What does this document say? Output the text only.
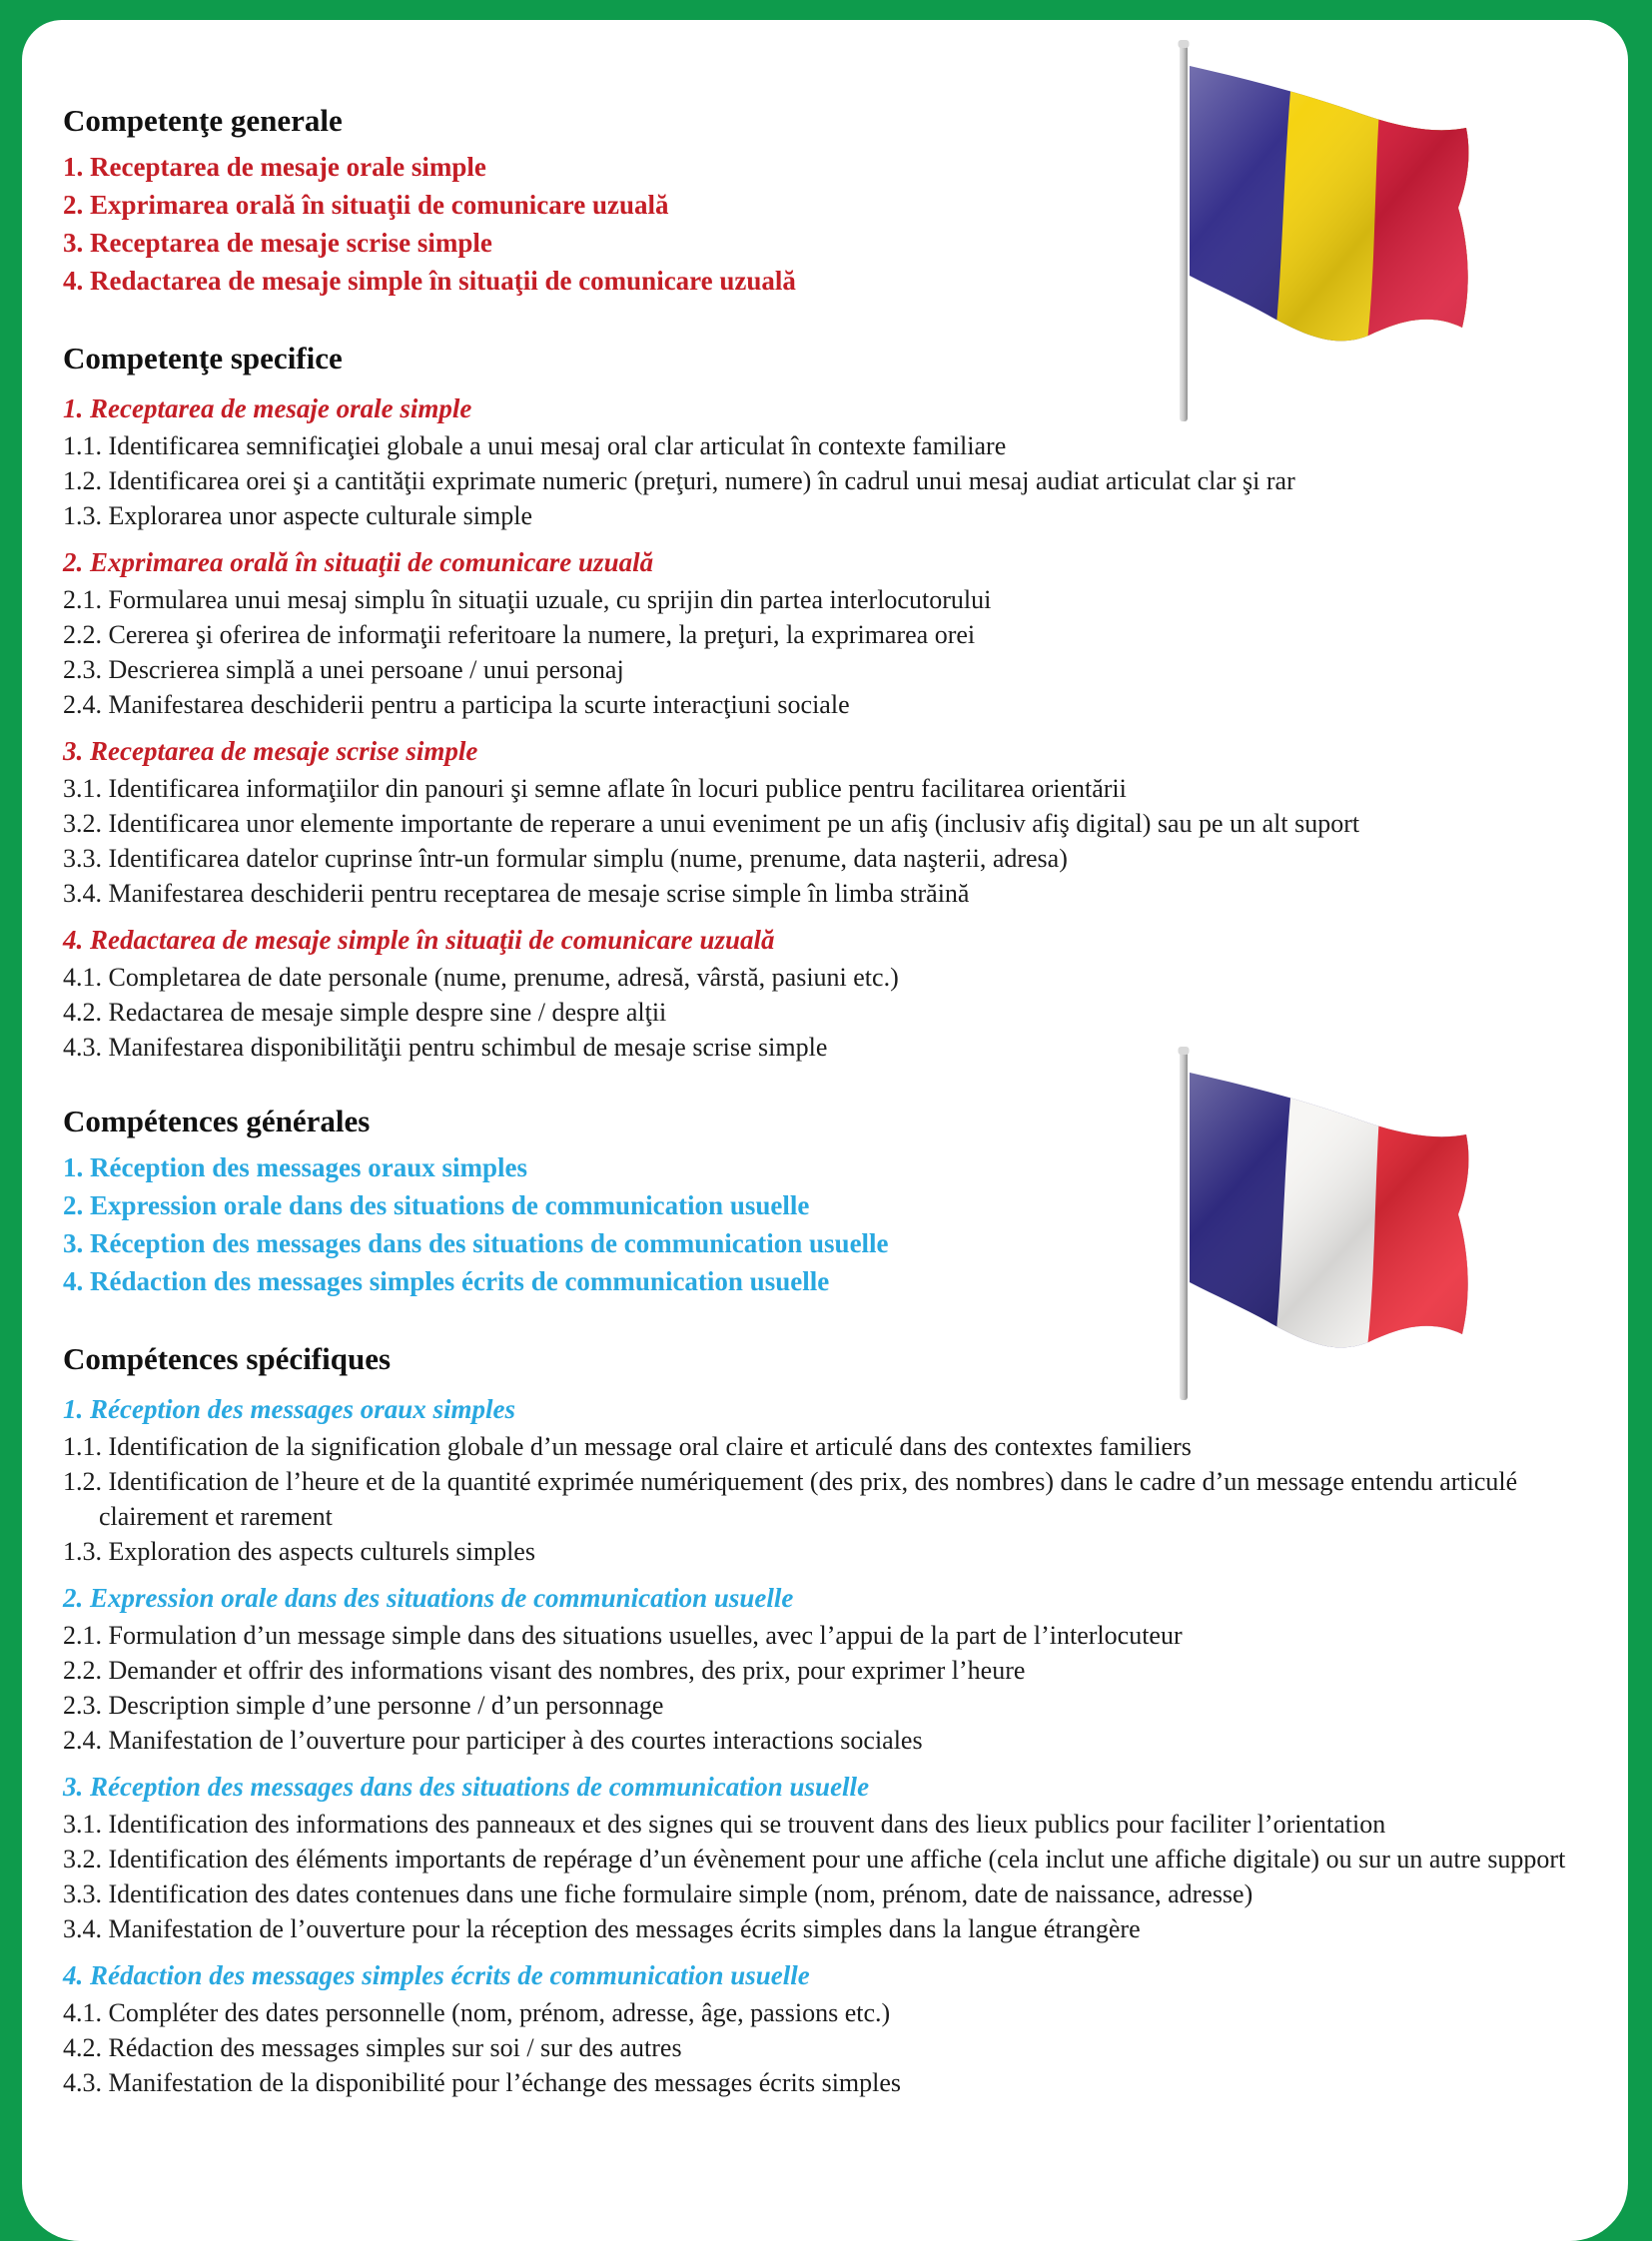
Competenţe generale

1. Receptarea de mesaje orale simple

2. Exprimarea orală în situaţii de comunicare uzuală

3. Receptarea de mesaje scrise simple

4. Redactarea de mesaje simple în situaţii de comunicare uzuală

Competenţe specifice

1. Receptarea de mesaje orale simple

1.1. Identificarea semnificaţiei globale a unui mesaj oral clar articulat în contexte familiare

1.2. Identificarea orei şi a cantităţii exprimate numeric (preţuri, numere) în cadrul unui mesaj audiat articulat clar şi rar

1.3. Explorarea unor aspecte culturale simple

2. Exprimarea orală în situaţii de comunicare uzuală

2.1. Formularea unui mesaj simplu în situaţii uzuale, cu sprijin din partea interlocutorului

2.2. Cererea şi oferirea de informaţii referitoare la numere, la preţuri, la exprimarea orei

2.3. Descrierea simplă a unei persoane / unui personaj

2.4. Manifestarea deschiderii pentru a participa la scurte interacţiuni sociale

3. Receptarea de mesaje scrise simple

3.1. Identificarea informaţiilor din panouri şi semne aflate în locuri publice pentru facilitarea orientării

3.2. Identificarea unor elemente importante de reperare a unui eveniment pe un afiş (inclusiv afiş digital) sau pe un alt suport

3.3. Identificarea datelor cuprinse într-un formular simplu (nume, prenume, data naşterii, adresa)

3.4. Manifestarea deschiderii pentru receptarea de mesaje scrise simple în limba străină

4. Redactarea de mesaje simple în situaţii de comunicare uzuală

4.1. Completarea de date personale (nume, prenume, adresă, vârstă, pasiuni etc.)

4.2. Redactarea de mesaje simple despre sine / despre alţii

4.3. Manifestarea disponibilităţii pentru schimbul de mesaje scrise simple

Compétences générales

1. Réception des messages oraux simples

2. Expression orale dans des situations de communication usuelle

3. Réception des messages dans des situations de communication usuelle

4. Rédaction des messages simples écrits de communication usuelle

Compétences spécifiques

1. Réception des messages oraux simples

1.1. Identification de la signification globale d’un message oral claire et articulé dans des contextes familiers

1.2. Identification de l’heure et de la quantité exprimée numériquement (des prix, des nombres) dans le cadre d’un message entendu articulé clairement et rarement

1.3. Exploration des aspects culturels simples

2. Expression orale dans des situations de communication usuelle

2.1. Formulation d’un message simple dans des situations usuelles, avec l’appui de la part de l’interlocuteur

2.2. Demander et offrir des informations visant des nombres, des prix, pour exprimer l’heure

2.3. Description simple d’une personne / d’un personnage

2.4. Manifestation de l’ouverture pour participer à des courtes interactions sociales

3. Réception des messages dans des situations de communication usuelle

3.1. Identification des informations des panneaux et des signes qui se trouvent dans des lieux publics pour faciliter l’orientation

3.2. Identification des éléments importants de repérage d’un évènement pour une affiche (cela inclut une affiche digitale) ou sur un autre support

3.3. Identification des dates contenues dans une fiche formulaire simple (nom, prénom, date de naissance, adresse)

3.4. Manifestation de l’ouverture pour la réception des messages écrits simples dans la langue étrangère

4. Rédaction des messages simples écrits de communication usuelle

4.1. Compléter des dates personnelle (nom, prénom, adresse, âge, passions etc.)

4.2. Rédaction des messages simples sur soi / sur des autres

4.3. Manifestation de la disponibilité pour l’échange des messages écrits simples
